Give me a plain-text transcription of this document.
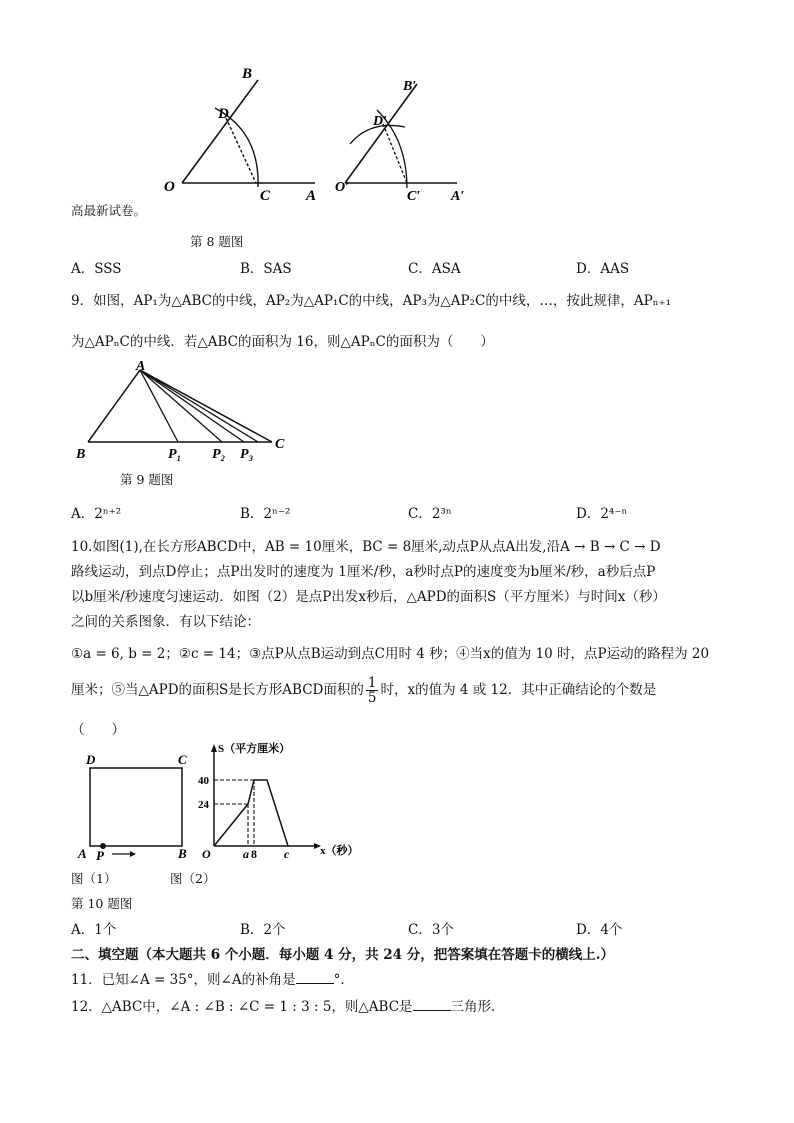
B
D
O
C A
B′
D′
O′
C′ A′
高最新试卷。
第 8 题图
A．SSS	B．SAS	C．ASA	D．AAS
9．如图，AP₁为△ABC的中线，AP₂为△AP₁C的中线，AP₃为△AP₂C的中线，…，按此规律，APₙ₊₁
为△APₙC的中线．若△ABC的面积为 16，则△APₙC的面积为（　　）
A
B	P₁ P₂ P₃
C
第 9 题图
A．2ⁿ⁺²	B．2ⁿ⁻²	C．2³ⁿ	D．2⁴⁻ⁿ
10.如图(1),在长方形ABCD中，AB = 10厘米，BC = 8厘米,动点P从点A出发,沿A → B → C → D
路线运动，到点D停止；点P出发时的速度为 1厘米/秒，a秒时点P的速度变为b厘米/秒，a秒后点P
以b厘米/秒速度匀速运动．如图（2）是点P出发x秒后，△APD的面积S（平方厘米）与时间x（秒）
之间的关系图象．有以下结论：
①a = 6, b = 2；②c = 14；③点P从点B运动到点C用时 4 秒；④当x的值为 10 时，点P运动的路程为 20
厘米；⑤当△APD的面积S是长方形ABCD面积的 $\frac{1}{5}$ 时，x的值为 4 或 12．其中正确结论的个数是
（　　）
D	C
A P	B
S（平方厘米）
40
24
O	a 8 c	x（秒）
图（1）	图（2）
第 10 题图
A．1个	B．2个	C．3个	D．4个
二、填空题（本大题共 6 个小题．每小题 4 分，共 24 分，把答案填在答题卡的横线上.）
11．已知∠A = 35°，则∠A的补角是	°．
12．△ABC中，∠A : ∠B : ∠C = 1 : 3 : 5，则△ABC是	三角形．
